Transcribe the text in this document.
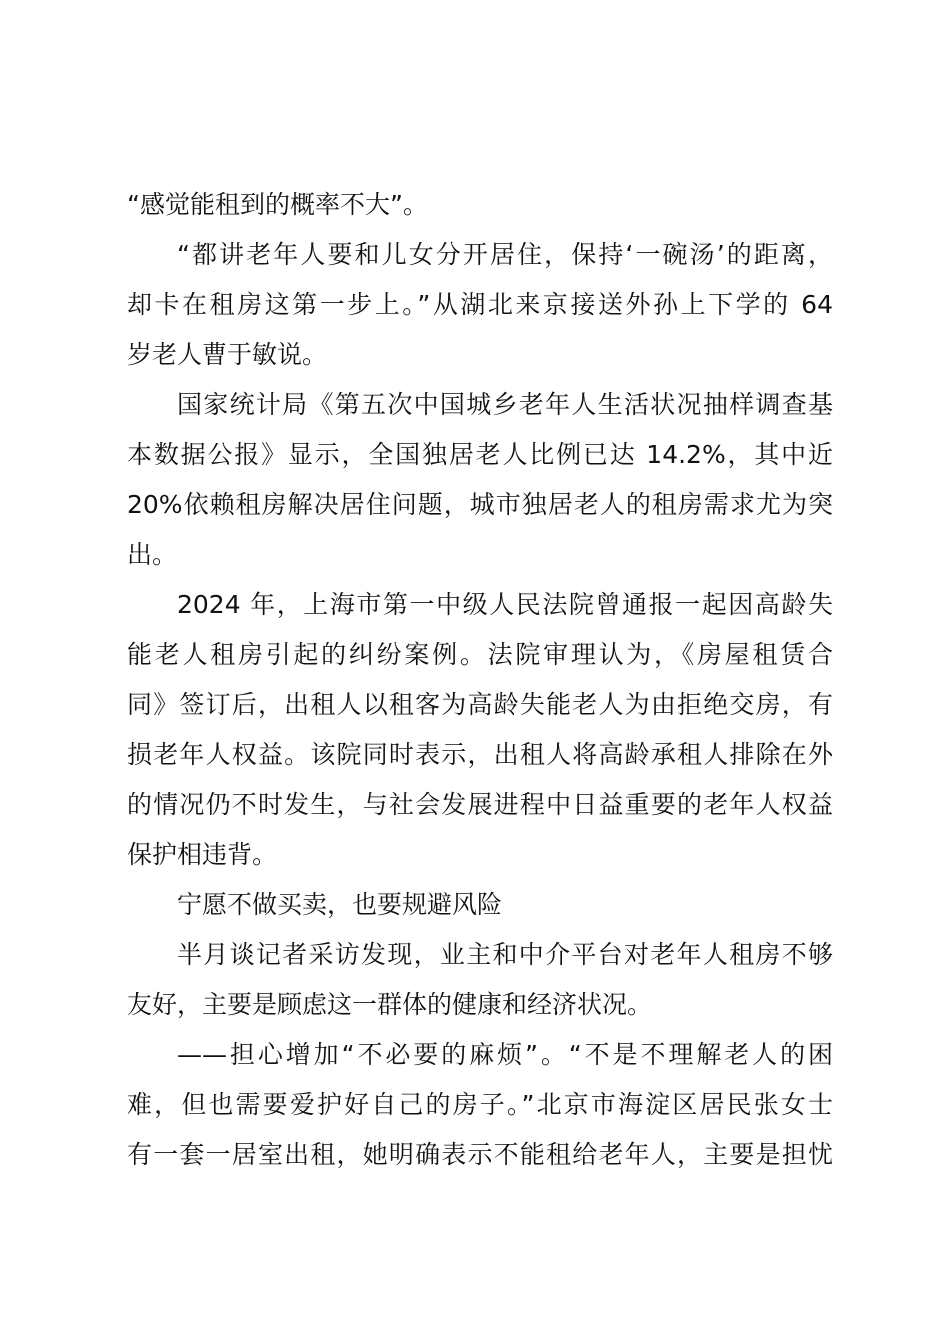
“感觉能租到的概率不大”。
“都讲老年人要和儿女分开居住，保持‘一碗汤’的距离，
却卡在租房这第一步上。”从湖北来京接送外孙上下学的 64
岁老人曹于敏说。
国家统计局《第五次中国城乡老年人生活状况抽样调查基
本数据公报》显示，全国独居老人比例已达 14.2%，其中近
20%依赖租房解决居住问题，城市独居老人的租房需求尤为突
出。
2024 年，上海市第一中级人民法院曾通报一起因高龄失
能老人租房引起的纠纷案例。法院审理认为，《房屋租赁合
同》签订后，出租人以租客为高龄失能老人为由拒绝交房，有
损老年人权益。该院同时表示，出租人将高龄承租人排除在外
的情况仍不时发生，与社会发展进程中日益重要的老年人权益
保护相违背。
宁愿不做买卖，也要规避风险
半月谈记者采访发现，业主和中介平台对老年人租房不够
友好，主要是顾虑这一群体的健康和经济状况。
——担心增加“不必要的麻烦”。“不是不理解老人的困
难，但也需要爱护好自己的房子。”北京市海淀区居民张女士
有一套一居室出租，她明确表示不能租给老年人，主要是担忧
